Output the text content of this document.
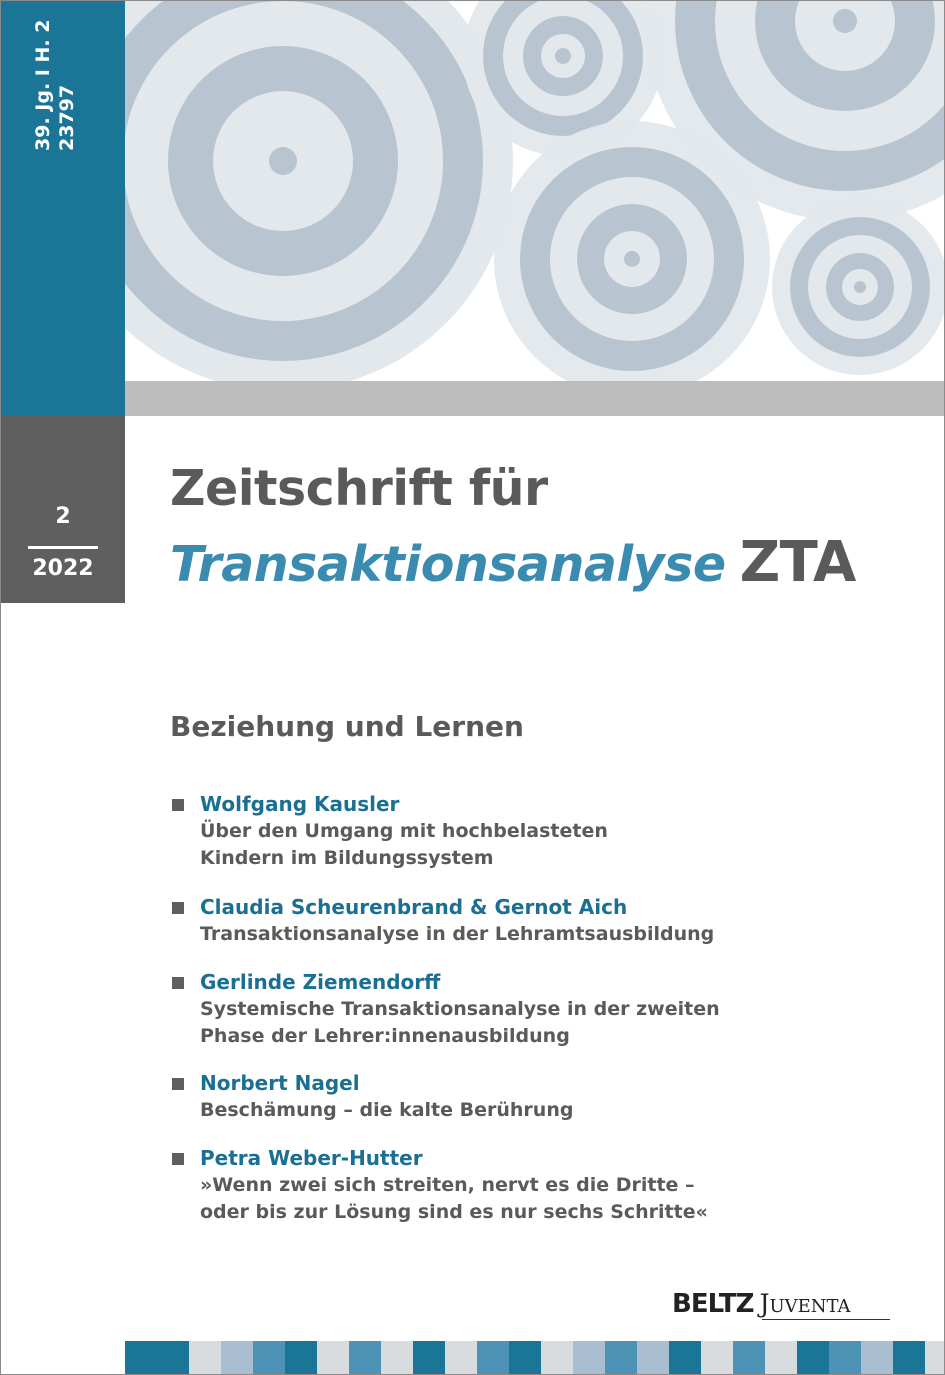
39. Jg. I H. 2 23797
2
2022
Zeitschrift für
Transaktionsanalyse ZTA
Beziehung und Lernen
Wolfgang Kausler
Über den Umgang mit hochbelasteten
Kindern im Bildungssystem
Claudia Scheurenbrand & Gernot Aich
Transaktionsanalyse in der Lehramtsausbildung
Gerlinde Ziemendorff
Systemische Transaktionsanalyse in der zweiten
Phase der Lehrer:innenausbildung
Norbert Nagel
Beschämung – die kalte Berührung
Petra Weber-Hutter
»Wenn zwei sich streiten, nervt es die Dritte –
oder bis zur Lösung sind es nur sechs Schritte«
BELTZ Juventa
